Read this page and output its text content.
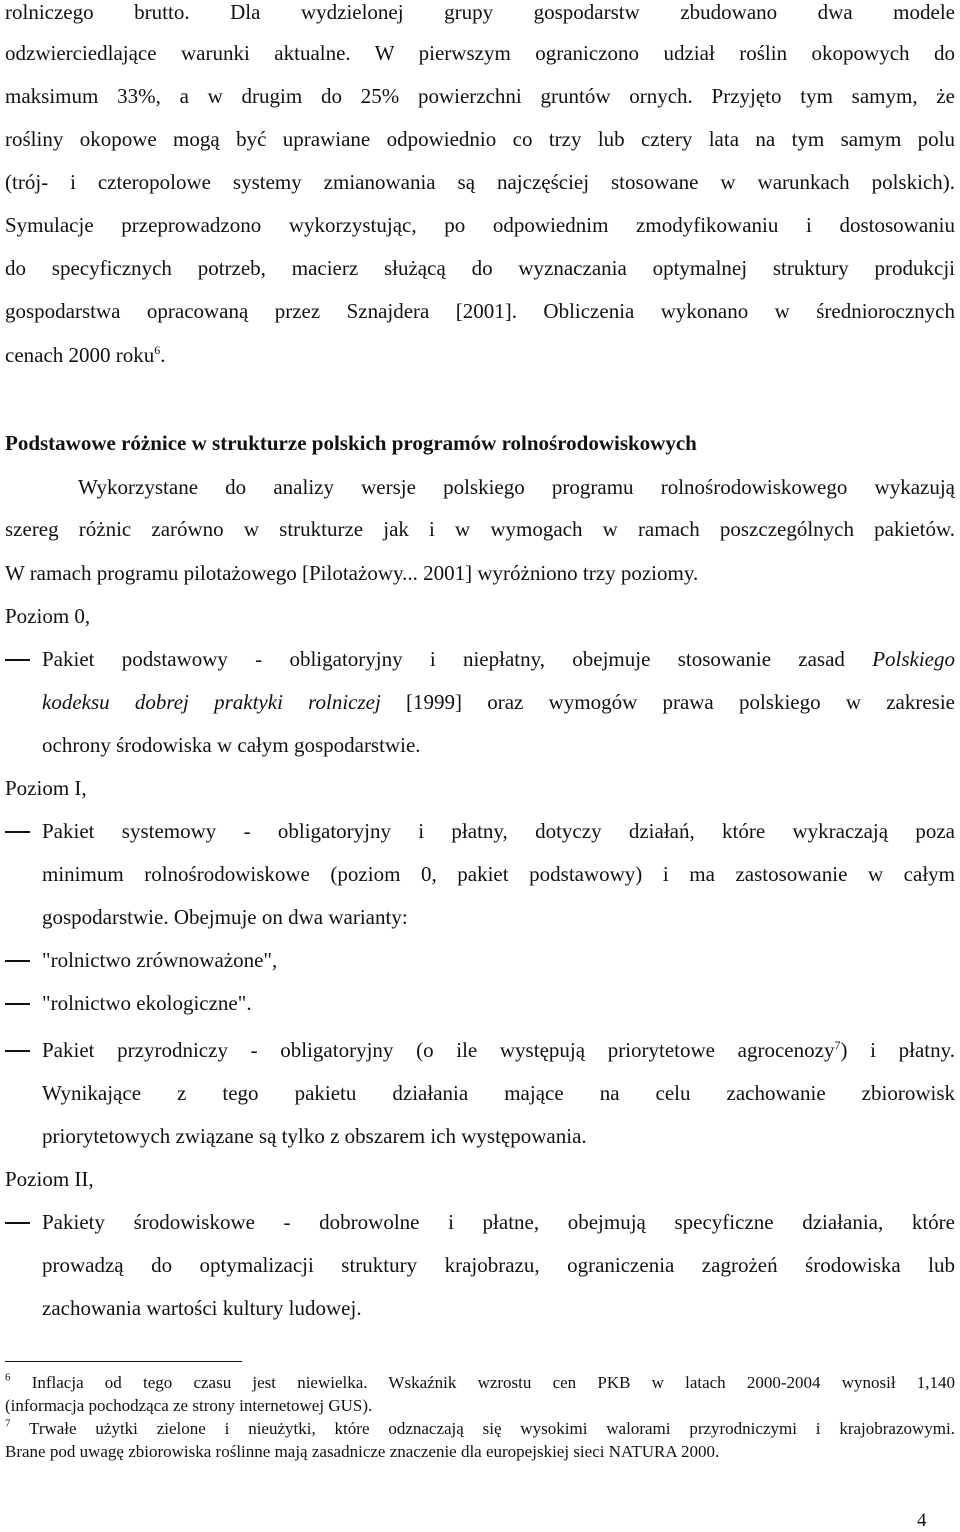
rolniczego brutto. Dla wydzielonej grupy gospodarstw zbudowano dwa modele
odzwierciedlające warunki aktualne. W pierwszym ograniczono udział roślin okopowych do
maksimum 33%, a w drugim do 25% powierzchni gruntów ornych. Przyjęto tym samym, że
rośliny okopowe mogą być uprawiane odpowiednio co trzy lub cztery lata na tym samym polu
(trój- i czteropolowe systemy zmianowania są najczęściej stosowane w warunkach polskich).
Symulacje przeprowadzono wykorzystując, po odpowiednim zmodyfikowaniu i dostosowaniu
do specyficznych potrzeb, macierz służącą do wyznaczania optymalnej struktury produkcji
gospodarstwa opracowaną przez Sznajdera [2001]. Obliczenia wykonano w średniorocznych
cenach 2000 roku$^6$.
Podstawowe różnice w strukturze polskich programów rolnośrodowiskowych
Wykorzystane do analizy wersje polskiego programu rolnośrodowiskowego wykazują
szereg różnic zarówno w strukturze jak i w wymogach w ramach poszczególnych pakietów.
W ramach programu pilotażowego [Pilotażowy... 2001] wyróżniono trzy poziomy.
Poziom 0,
Pakiet podstawowy - obligatoryjny i niepłatny, obejmuje stosowanie zasad Polskiego
kodeksu dobrej praktyki rolniczej [1999] oraz wymogów prawa polskiego w zakresie
ochrony środowiska w całym gospodarstwie.
Poziom I,
Pakiet systemowy - obligatoryjny i płatny, dotyczy działań, które wykraczają poza
minimum rolnośrodowiskowe (poziom 0, pakiet podstawowy) i ma zastosowanie w całym
gospodarstwie. Obejmuje on dwa warianty:
"rolnictwo zrównoważone",
"rolnictwo ekologiczne".
Pakiet przyrodniczy - obligatoryjny (o ile występują priorytetowe agrocenozy$^7$) i płatny.
Wynikające z tego pakietu działania mające na celu zachowanie zbiorowisk
priorytetowych związane są tylko z obszarem ich występowania.
Poziom II,
Pakiety środowiskowe - dobrowolne i płatne, obejmują specyficzne działania, które
prowadzą do optymalizacji struktury krajobrazu, ograniczenia zagrożeń środowiska lub
zachowania wartości kultury ludowej.
$^6$ Inflacja od tego czasu jest niewielka. Wskaźnik wzrostu cen PKB w latach 2000-2004 wynosił 1,140
(informacja pochodząca ze strony internetowej GUS).
$^7$ Trwałe użytki zielone i nieużytki, które odznaczają się wysokimi walorami przyrodniczymi i krajobrazowymi.
Brane pod uwagę zbiorowiska roślinne mają zasadnicze znaczenie dla europejskiej sieci NATURA 2000.
4
